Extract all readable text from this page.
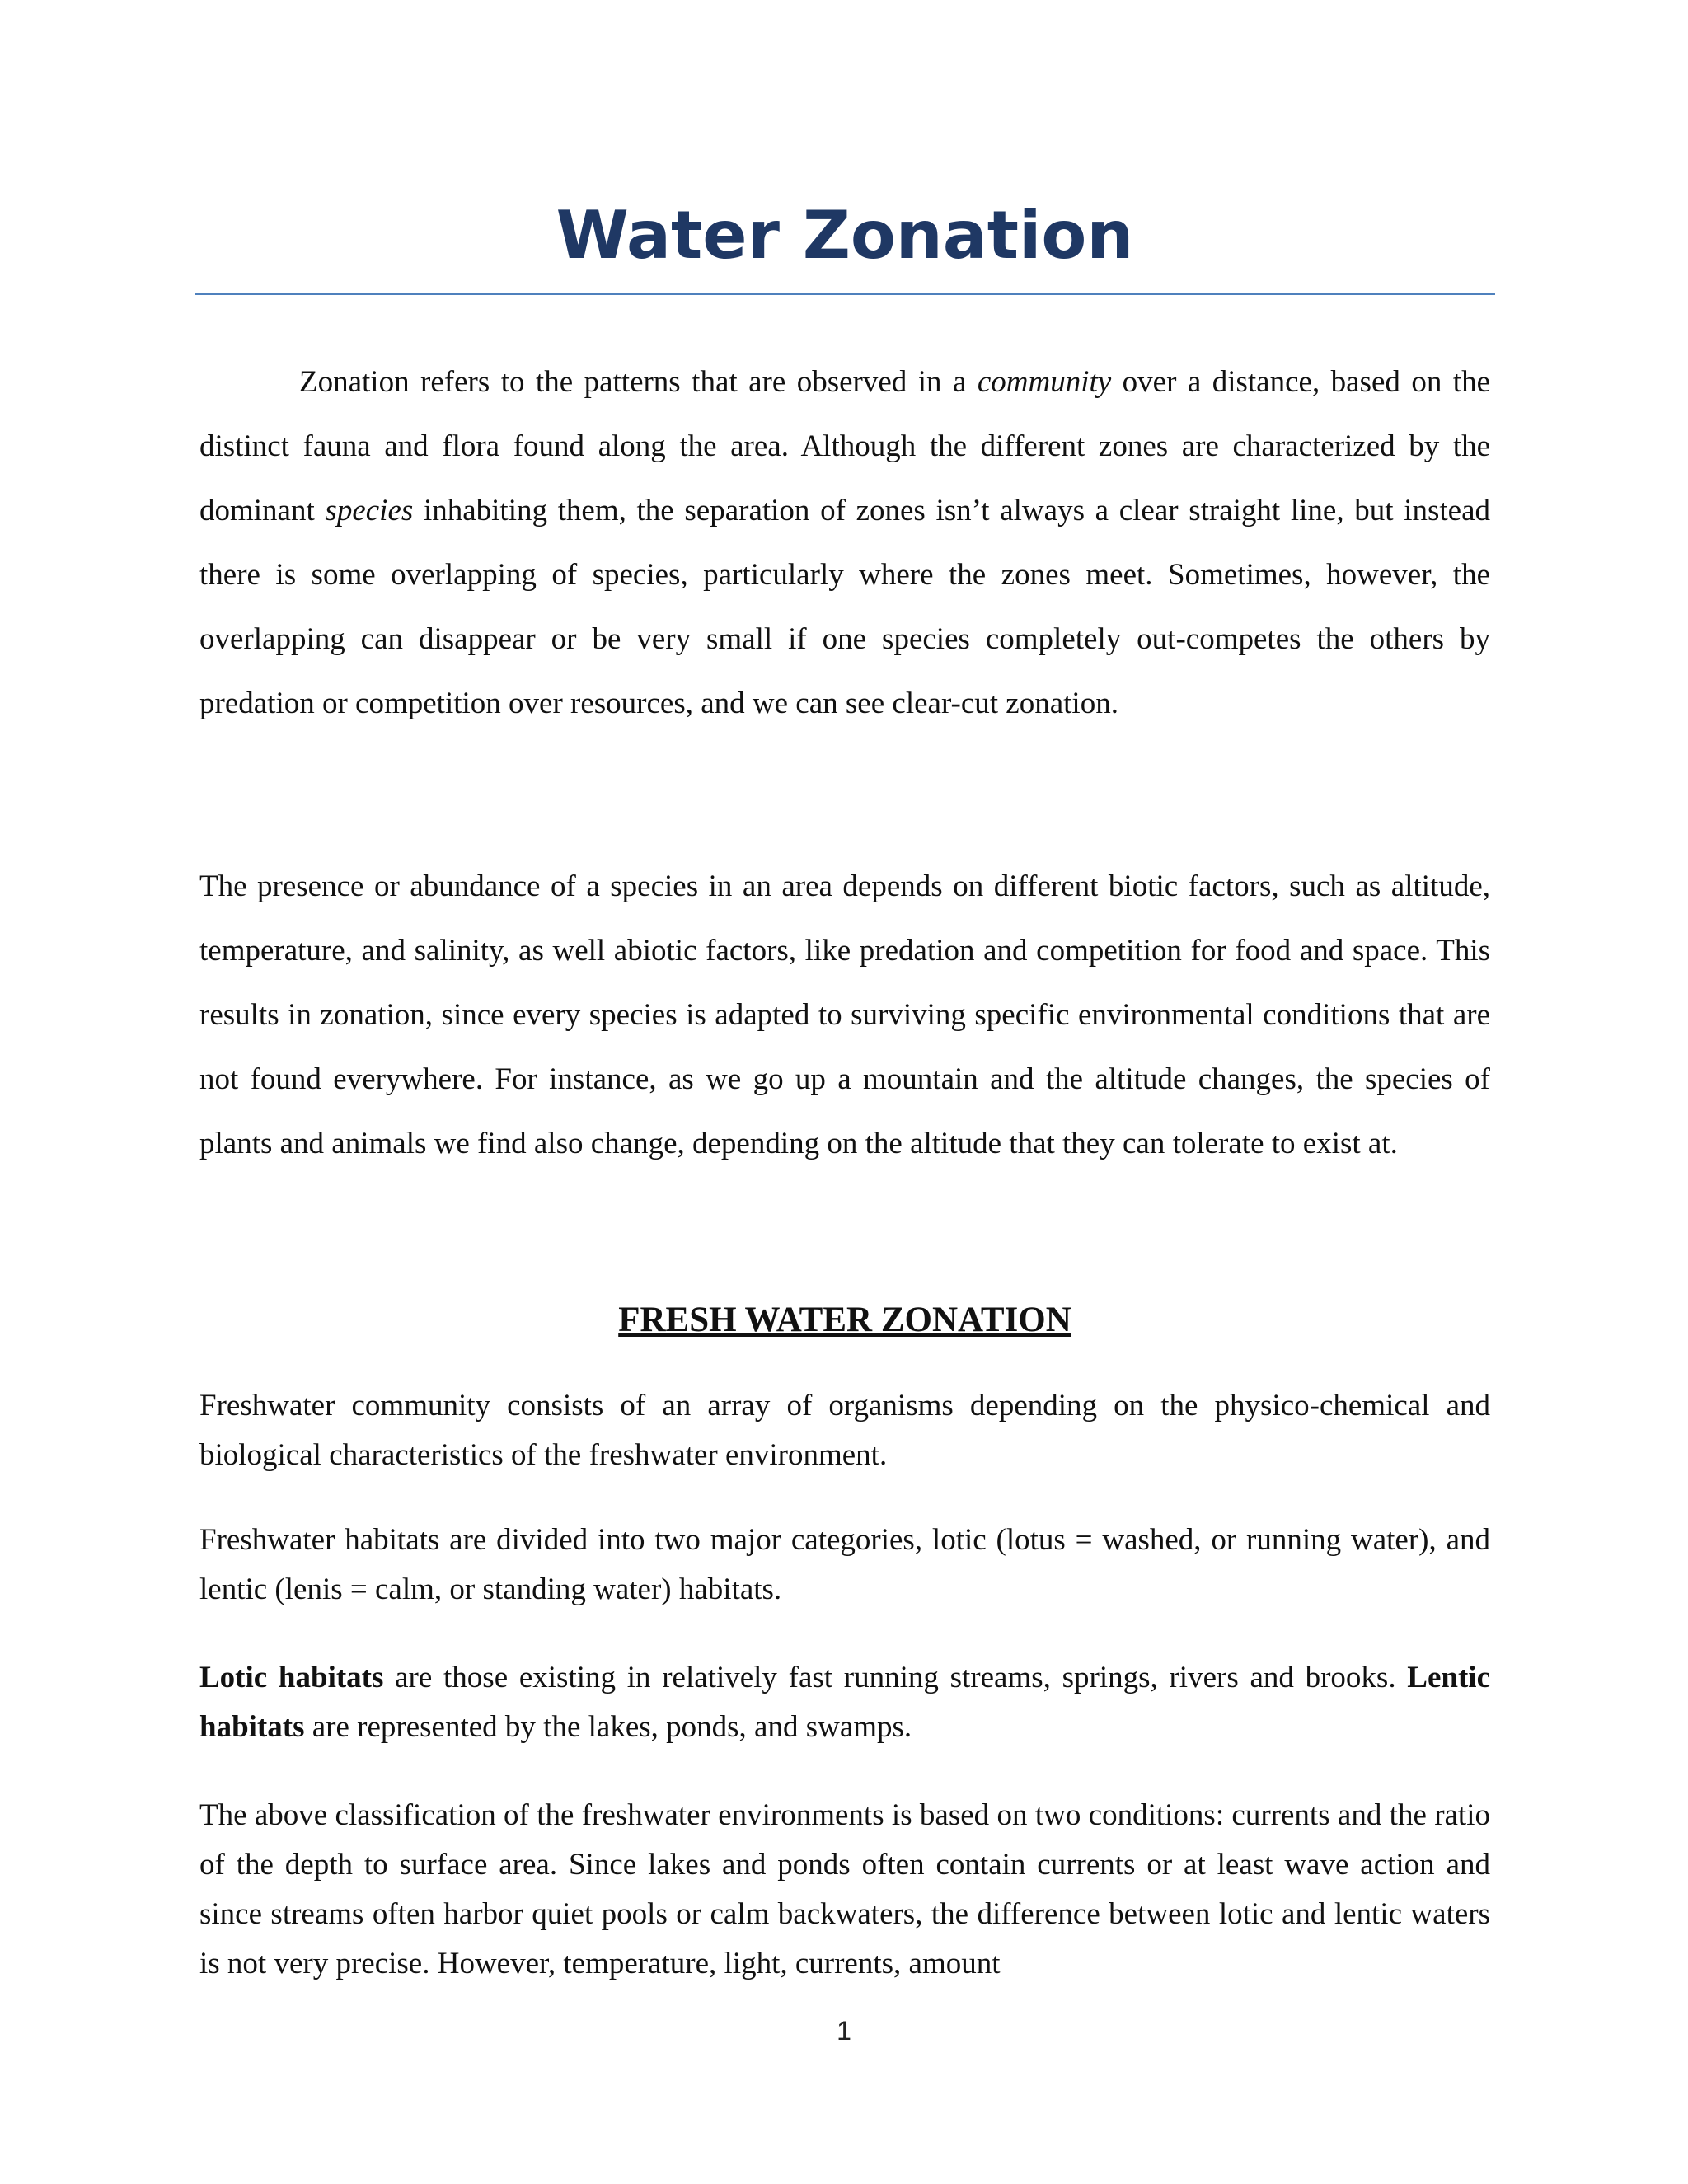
Water Zonation

Zonation refers to the patterns that are observed in a community over a distance, based on the distinct fauna and flora found along the area. Although the different zones are characterized by the dominant species inhabiting them, the separation of zones isn’t always a clear straight line, but instead there is some overlapping of species, particularly where the zones meet. Sometimes, however, the overlapping can disappear or be very small if one species completely out-competes the others by predation or competition over resources, and we can see clear-cut zonation.

The presence or abundance of a species in an area depends on different biotic factors, such as altitude, temperature, and salinity, as well abiotic factors, like predation and competition for food and space. This results in zonation, since every species is adapted to surviving specific environmental conditions that are not found everywhere. For instance, as we go up a mountain and the altitude changes, the species of plants and animals we find also change, depending on the altitude that they can tolerate to exist at.

FRESH WATER ZONATION

Freshwater community consists of an array of organisms depending on the physico-chemical and biological characteristics of the freshwater environment.

Freshwater habitats are divided into two major categories, lotic (lotus = washed, or running water), and lentic (lenis = calm, or standing water) habitats.

Lotic habitats are those existing in relatively fast running streams, springs, rivers and brooks. Lentic habitats are represented by the lakes, ponds, and swamps.

The above classification of the freshwater environments is based on two conditions: currents and the ratio of the depth to surface area. Since lakes and ponds often contain currents or at least wave action and since streams often harbor quiet pools or calm backwaters, the difference between lotic and lentic waters is not very precise. However, temperature, light, currents, amount

1
